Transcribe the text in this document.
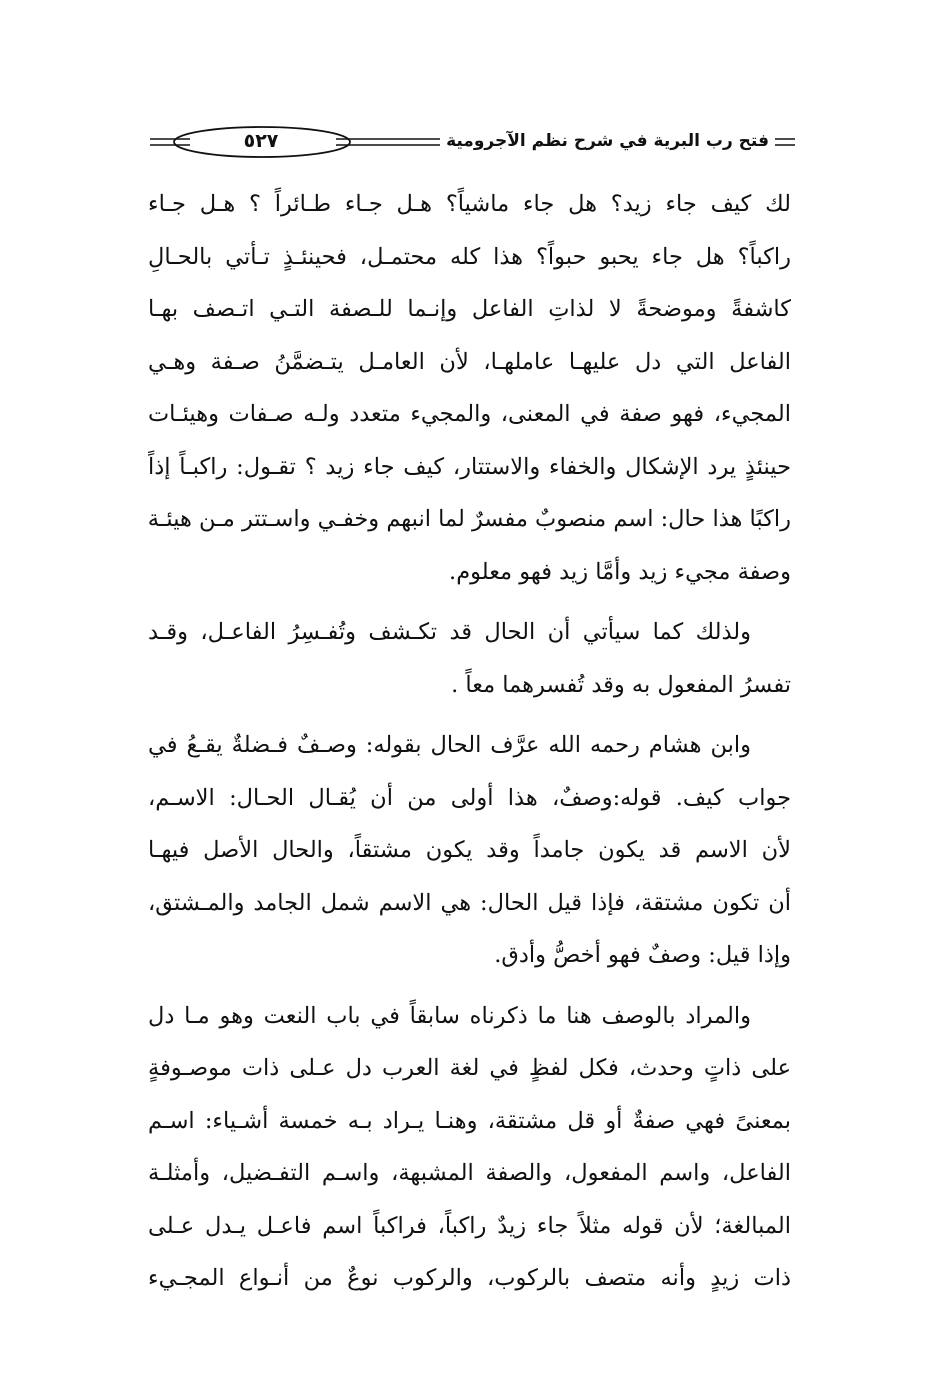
٥٢٧	فتح رب البرية في شرح نظم الآجرومية
لك كيف جاء زيد؟ هل جاء ماشياً؟ هـل جـاء طـائراً ؟ هـل جـاء
راكباً؟ هل جاء يحبو حبواً؟ هذا كله محتمـل، فحينئـذٍ تـأتي بالحـالِ
كاشفةً وموضحةً لا لذاتِ الفاعل وإنـما للـصفة التـي اتـصف بهـا
الفاعل التي دل عليهـا عاملهـا، لأن العامـل يتـضمَّنُ صـفة وهـي
المجيء، فهو صفة في المعنى، والمجيء متعدد ولـه صـفات وهيئـات
حينئذٍ يرد الإشكال والخفاء والاستتار، كيف جاء زيد ؟ تقـول: راكبـاً إذاً
راكبًا هذا حال: اسم منصوبٌ مفسرٌ لما انبهم وخفـي واسـتتر مـن هيئـة
وصفة مجيء زيد وأمَّا زيد فهو معلوم.
ولذلك كما سيأتي أن الحال قد تكـشف وتُفـسِرُ الفاعـل، وقـد
تفسرُ المفعول به وقد تُفسرهما معاً .
وابن هشام رحمه الله عرَّف الحال بقوله: وصـفٌ فـضلةٌ يقـعُ في
جواب كيف. قوله:وصفٌ، هذا أولى من أن يُقـال الحـال: الاسـم،
لأن الاسم قد يكون جامداً وقد يكون مشتقاً، والحال الأصل فيهـا
أن تكون مشتقة، فإذا قيل الحال: هي الاسم شمل الجامد والمـشتق،
وإذا قيل: وصفٌ فهو أخصُّ وأدق.
والمراد بالوصف هنا ما ذكرناه سابقاً في باب النعت وهو مـا دل
على ذاتٍ وحدث، فكل لفظٍ في لغة العرب دل عـلى ذات موصـوفةٍ
بمعنىً فهي صفةٌ أو قل مشتقة، وهنـا يـراد بـه خمسة أشـياء: اسـم
الفاعل، واسم المفعول، والصفة المشبهة، واسـم التفـضيل، وأمثلـة
المبالغة؛ لأن قوله مثلاً جاء زيدٌ راكباً، فراكباً اسم فاعـل يـدل عـلى
ذات زيدٍ وأنه متصف بالركوب، والركوب نوعٌ من أنـواع المجـيء
